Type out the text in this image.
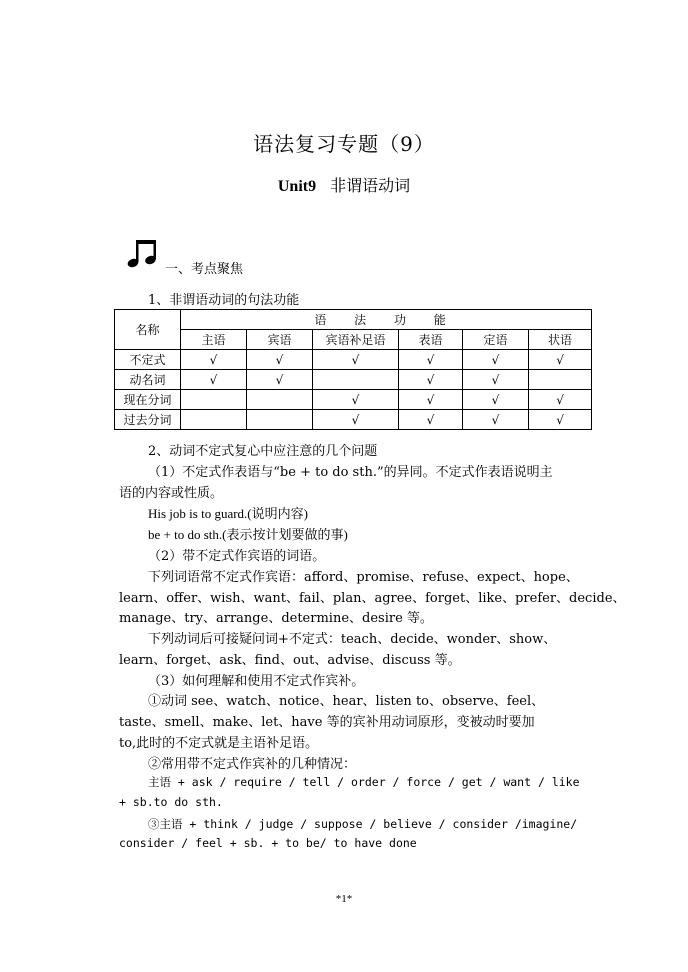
语法复习专题（9）
Unit9 非谓语动词
一、考点聚焦
1、非谓语动词的句法功能
名称	语 法 功 能					
	主语	宾语	宾语补足语	表语	定语	状语
不定式	√	√	√	√	√	√
动名词	√	√		√	√	
现在分词			√	√	√	√
过去分词			√	√	√	√
2、动词不定式复心中应注意的几个问题
（1）不定式作表语与“be + to do sth.”的异同。不定式作表语说明主
语的内容或性质。
His job is to guard.(说明内容)
be + to do sth.(表示按计划要做的事)
（2）带不定式作宾语的词语。
下列词语常不定式作宾语：afford、promise、refuse、expect、hope、
learn、offer、wish、want、fail、plan、agree、forget、like、prefer、decide、
manage、try、arrange、determine、desire 等。
下列动词后可接疑问词+不定式：teach、decide、wonder、show、
learn、forget、ask、find、out、advise、discuss 等。
（3）如何理解和使用不定式作宾补。
①动词 see、watch、notice、hear、listen to、observe、feel、
taste、smell、make、let、have 等的宾补用动词原形，变被动时要加
to,此时的不定式就是主语补足语。
②常用带不定式作宾补的几种情况：
主语 + ask / require / tell / order / force / get / want / like
+ sb.to do sth.
③主语 + think / judge / suppose / believe / consider /imagine/
consider / feel + sb. + to be/ to have done
*1*
